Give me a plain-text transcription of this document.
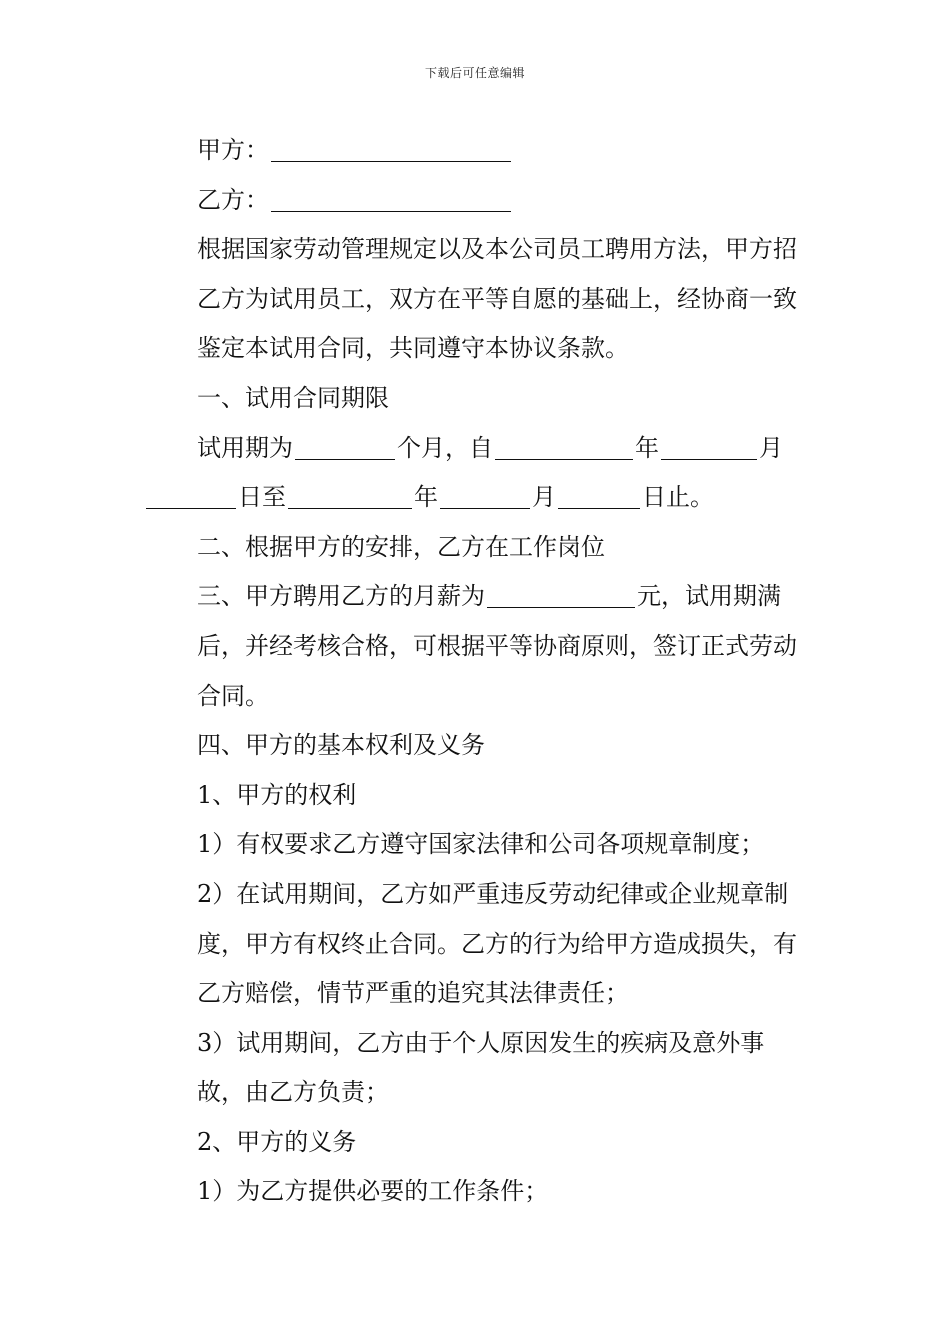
下载后可任意编辑

甲方：

乙方：

根据国家劳动管理规定以及本公司员工聘用方法，甲方招乙方为试用员工，双方在平等自愿的基础上，经协商一致鉴定本试用合同，共同遵守本协议条款。

一、试用合同期限

试用期为	个月，自	年	月
日至	年	月	日止。

二、根据甲方的安排，乙方在工作岗位

三、甲方聘用乙方的月薪为	元，试用期满后，并经考核合格，可根据平等协商原则，签订正式劳动合同。

四、甲方的基本权利及义务

1、甲方的权利

1）有权要求乙方遵守国家法律和公司各项规章制度；

2）在试用期间，乙方如严重违反劳动纪律或企业规章制度，甲方有权终止合同。乙方的行为给甲方造成损失，有乙方赔偿，情节严重的追究其法律责任；

3）试用期间，乙方由于个人原因发生的疾病及意外事故，由乙方负责；

2、甲方的义务

1）为乙方提供必要的工作条件；
